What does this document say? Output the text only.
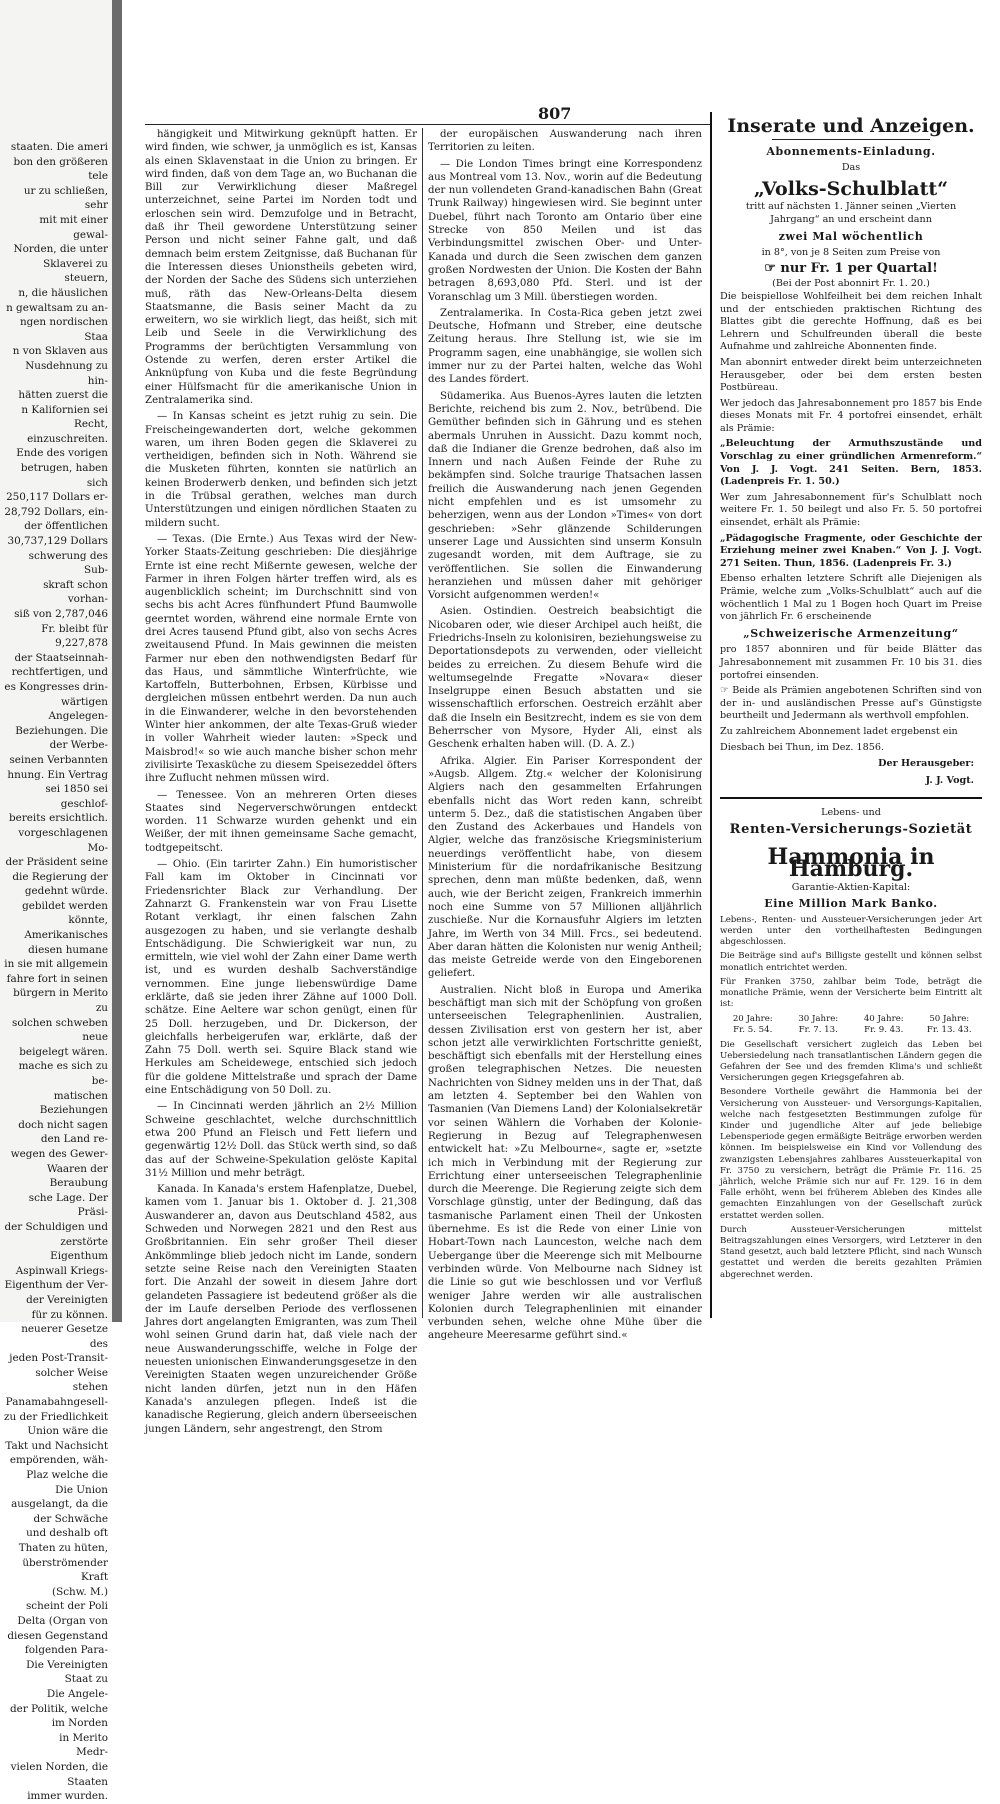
staaten. Die ameri
bon den größeren tele
ur zu schließen, sehr
mit mit einer gewal-
Norden, die unter
Sklaverei zu steuern,
n, die häuslichen
n gewaltsam zu an-
ngen nordischen Staa
n von Sklaven aus
Nusdehnung zu hin-
hätten zuerst die
n Kalifornien sei
Recht, einzuschreiten.
Ende des vorigen
betrugen, haben sich
250,117 Dollars er-
28,792 Dollars, ein-
der öffentlichen
30,737,129 Dollars
schwerung des Sub-
skraft schon vorhan-
siß von 2,787,046
Fr. bleibt für 9,227,878
der Staatseinnah-
rechtfertigen, und
es Kongresses drin-
wärtigen Angelegen-
Beziehungen. Die
der Werbe-
seinen Verbannten
hnung. Ein Vertrag
sei 1850 sei geschlof-
bereits ersichtlich.
vorgeschlagenen Mo-
der Präsident seine
die Regierung der
gedehnt würde.
gebildet werden könnte,
Amerikanisches diesen humane
in sie mit allgemein
fahre fort in seinen
bürgern in Merito zu
solchen schweben neue
beigelegt wären.
mache es sich zu be-
matischen Beziehungen
doch nicht sagen
den Land re-
wegen des Gewer-
Waaren der Beraubung
sche Lage. Der Präsi-
der Schuldigen und
zerstörte Eigenthum
Aspinwall Kriegs-
Eigenthum der Ver-
der Vereinigten
für zu können.
neuerer Gesetze des
jeden Post-Transit-
solcher Weise stehen
Panamabahngesell-
zu der Friedlichkeit
Union wäre die
Takt und Nachsicht
empörenden, wäh-
Plaz welche die
Die Union
ausgelangt, da die
der Schwäche
und deshalb oft
Thaten zu hüten,
überströmender Kraft
(Schw. M.)
scheint der Poli
Delta (Organ von
diesen Gegenstand
folgenden Para-
Die Vereinigten
Staat zu
Die Angele-
der Politik, welche
im Norden
in Merito
Medr-
vielen Norden, die Staaten
immer wurden.
807

hängigkeit und Mitwirkung geknüpft hatten. Er wird finden, wie schwer, ja unmöglich es ist, Kansas als einen Sklavenstaat in die Union zu bringen. Er wird finden, daß von dem Tage an, wo Buchanan die Bill zur Verwirklichung dieser Maßregel unterzeichnet, seine Partei im Norden todt und erloschen sein wird. Demzufolge und in Betracht, daß ihr Theil gewordene Unterstützung seiner Person und nicht seiner Fahne galt, und daß demnach beim erstem Zeitgnisse, daß Buchanan für die Interessen dieses Unionstheils gebeten wird, der Norden der Sache des Südens sich unterziehen muß, räth das New-Orleans-Delta diesem Staatsmanne, die Basis seiner Macht da zu erweitern, wo sie wirklich liegt, das heißt, sich mit Leib und Seele in die Verwirklichung des Programms der berüchtigten Versammlung von Ostende zu werfen, deren erster Artikel die Anknüpfung von Kuba und die feste Begründung einer Hülfsmacht für die amerikanische Union in Zentralamerika sind.

— In Kansas scheint es jetzt ruhig zu sein. Die Freischeingewanderten dort, welche gekommen waren, um ihren Boden gegen die Sklaverei zu vertheidigen, befinden sich in Noth. Während sie die Musketen führten, konnten sie natürlich an keinen Broderwerb denken, und befinden sich jetzt in die Trübsal gerathen, welches man durch Unterstützungen und einigen nördlichen Staaten zu mildern sucht.

— Texas. (Die Ernte.) Aus Texas wird der New-Yorker Staats-Zeitung geschrieben: Die diesjährige Ernte ist eine recht Mißernte gewesen, welche der Farmer in ihren Folgen härter treffen wird, als es augenblicklich scheint; im Durchschnitt sind von sechs bis acht Acres fünfhundert Pfund Baumwolle geerntet worden, während eine normale Ernte von drei Acres tausend Pfund gibt, also von sechs Acres zweitausend Pfund. In Mais gewinnen die meisten Farmer nur eben den nothwendigsten Bedarf für das Haus, und sämmtliche Winterfrüchte, wie Kartoffeln, Butterbohnen, Erbsen, Kürbisse und dergleichen müssen entbehrt werden. Da nun auch in die Einwanderer, welche in den bevorstehenden Winter hier ankommen, der alte Texas-Gruß wieder in voller Wahrheit wieder lauten: »Speck und Maisbrod!« so wie auch manche bisher schon mehr zivilisirte Texasküche zu diesem Speisezeddel öfters ihre Zuflucht nehmen müssen wird.

— Tenessee. Von an mehreren Orten dieses Staates sind Negerverschwörungen entdeckt worden. 11 Schwarze wurden gehenkt und ein Weißer, der mit ihnen gemeinsame Sache gemacht, todtgepeitscht.

— Ohio. (Ein tarirter Zahn.) Ein humoristischer Fall kam im Oktober in Cincinnati vor Friedensrichter Black zur Verhandlung. Der Zahnarzt G. Frankenstein war von Frau Lisette Rotant verklagt, ihr einen falschen Zahn ausgezogen zu haben, und sie verlangte deshalb Entschädigung. Die Schwierigkeit war nun, zu ermitteln, wie viel wohl der Zahn einer Dame werth ist, und es wurden deshalb Sachverständige vernommen. Eine junge liebenswürdige Dame erklärte, daß sie jeden ihrer Zähne auf 1000 Doll. schätze. Eine Aeltere war schon genügt, einen für 25 Doll. herzugeben, und Dr. Dickerson, der gleichfalls herbeigerufen war, erklärte, daß der Zahn 75 Doll. werth sei. Squire Black stand wie Herkules am Scheidewege, entschied sich jedoch für die goldene Mittelstraße und sprach der Dame eine Entschädigung von 50 Doll. zu.

— In Cincinnati werden jährlich an 2½ Million Schweine geschlachtet, welche durchschnittlich etwa 200 Pfund an Fleisch und Fett liefern und gegenwärtig 12½ Doll. das Stück werth sind, so daß das auf der Schweine-Spekulation gelöste Kapital 31½ Million und mehr beträgt.

Kanada. In Kanada's erstem Hafenplatze, Duebel, kamen vom 1. Januar bis 1. Oktober d. J. 21,308 Auswanderer an, davon aus Deutschland 4582, aus Schweden und Norwegen 2821 und den Rest aus Großbritannien. Ein sehr großer Theil dieser Ankömmlinge blieb jedoch nicht im Lande, sondern setzte seine Reise nach den Vereinigten Staaten fort. Die Anzahl der soweit in diesem Jahre dort gelandeten Passagiere ist bedeutend größer als die der im Laufe derselben Periode des verflossenen Jahres dort angelangten Emigranten, was zum Theil wohl seinen Grund darin hat, daß viele nach der neue Auswanderungsschiffe, welche in Folge der neuesten unionischen Einwanderungsgesetze in den Vereinigten Staaten wegen unzureichender Größe nicht landen dürfen, jetzt nun in den Häfen Kanada's anzulegen pflegen. Indeß ist die kanadische Regierung, gleich andern überseeischen jungen Ländern, sehr angestrengt, den Strom

der europäischen Auswanderung nach ihren Territorien zu leiten.

— Die London Times bringt eine Korrespondenz aus Montreal vom 13. Nov., worin auf die Bedeutung der nun vollendeten Grand-kanadischen Bahn (Great Trunk Railway) hingewiesen wird. Sie beginnt unter Duebel, führt nach Toronto am Ontario über eine Strecke von 850 Meilen und ist das Verbindungsmittel zwischen Ober- und Unter-Kanada und durch die Seen zwischen dem ganzen großen Nordwesten der Union. Die Kosten der Bahn betragen 8,693,080 Pfd. Sterl. und ist der Voranschlag um 3 Mill. überstiegen worden.

Zentralamerika. In Costa-Rica geben jetzt zwei Deutsche, Hofmann und Streber, eine deutsche Zeitung heraus. Ihre Stellung ist, wie sie im Programm sagen, eine unabhängige, sie wollen sich immer nur zu der Partei halten, welche das Wohl des Landes fördert.

Südamerika. Aus Buenos-Ayres lauten die letzten Berichte, reichend bis zum 2. Nov., betrübend. Die Gemüther befinden sich in Gährung und es stehen abermals Unruhen in Aussicht. Dazu kommt noch, daß die Indianer die Grenze bedrohen, daß also im Innern und nach Außen Feinde der Ruhe zu bekämpfen sind. Solche traurige Thatsachen lassen freilich die Auswanderung nach jenen Gegenden nicht empfehlen und es ist umsomehr zu beherzigen, wenn aus der London »Times« von dort geschrieben: »Sehr glänzende Schilderungen unserer Lage und Aussichten sind unserm Konsuln zugesandt worden, mit dem Auftrage, sie zu veröffentlichen. Sie sollen die Einwanderung heranziehen und müssen daher mit gehöriger Vorsicht aufgenommen werden!«

Asien. Ostindien. Oestreich beabsichtigt die Nicobaren oder, wie dieser Archipel auch heißt, die Friedrichs-Inseln zu kolonisiren, beziehungsweise zu Deportationsdepots zu verwenden, oder vielleicht beides zu erreichen. Zu diesem Behufe wird die weltumsegelnde Fregatte »Novara« dieser Inselgruppe einen Besuch abstatten und sie wissenschaftlich erforschen. Oestreich erzählt aber daß die Inseln ein Besitzrecht, indem es sie von dem Beherrscher von Mysore, Hyder Ali, einst als Geschenk erhalten haben will. (D. A. Z.)

Afrika. Algier. Ein Pariser Korrespondent der »Augsb. Allgem. Ztg.« welcher der Kolonisirung Algiers nach den gesammelten Erfahrungen ebenfalls nicht das Wort reden kann, schreibt unterm 5. Dez., daß die statistischen Angaben über den Zustand des Ackerbaues und Handels von Algier, welche das französische Kriegsministerium neuerdings veröffentlicht habe, von diesem Ministerium für die nordafrikanische Besitzung sprechen, denn man müßte bedenken, daß, wenn auch, wie der Bericht zeigen, Frankreich immerhin noch eine Summe von 57 Millionen alljährlich zuschieße. Nur die Kornausfuhr Algiers im letzten Jahre, im Werth von 34 Mill. Frcs., sei bedeutend. Aber daran hätten die Kolonisten nur wenig Antheil; das meiste Getreide werde von den Eingeborenen geliefert.

Australien. Nicht bloß in Europa und Amerika beschäftigt man sich mit der Schöpfung von großen unterseeischen Telegraphenlinien. Australien, dessen Zivilisation erst von gestern her ist, aber schon jetzt alle verwirklichten Fortschritte genießt, beschäftigt sich ebenfalls mit der Herstellung eines großen telegraphischen Netzes. Die neuesten Nachrichten von Sidney melden uns in der That, daß am letzten 4. September bei den Wahlen von Tasmanien (Van Diemens Land) der Kolonialsekretär vor seinen Wählern die Vorhaben der Kolonie-Regierung in Bezug auf Telegraphenwesen entwickelt hat: »Zu Melbourne«, sagte er, »setzte ich mich in Verbindung mit der Regierung zur Errichtung einer unterseeischen Telegraphenlinie durch die Meerenge. Die Regierung zeigte sich dem Vorschlage günstig, unter der Bedingung, daß das tasmanische Parlament einen Theil der Unkosten übernehme. Es ist die Rede von einer Linie von Hobart-Town nach Launceston, welche nach dem Uebergange über die Meerenge sich mit Melbourne verbinden würde. Von Melbourne nach Sidney ist die Linie so gut wie beschlossen und vor Verfluß weniger Jahre werden wir alle australischen Kolonien durch Telegraphenlinien mit einander verbunden sehen, welche ohne Mühe über die angeheure Meeresarme geführt sind.«

Inserate und Anzeigen.
Abonnements-Einladung.
Das
„Volks-Schulblatt“
tritt auf nächsten 1. Jänner seinen „Vierten Jahrgang“ an und erscheint dann
zwei Mal wöchentlich
in 8°, von je 8 Seiten zum Preise von
☞ nur Fr. 1 per Quartal!
(Bei der Post abonnirt Fr. 1. 20.)

Die beispiellose Wohlfeilheit bei dem reichen Inhalt und der entschieden praktischen Richtung des Blattes gibt die gerechte Hoffnung, daß es bei Lehrern und Schulfreunden überall die beste Aufnahme und zahlreiche Abonnenten finde.

Man abonnirt entweder direkt beim unterzeichneten Herausgeber, oder bei dem ersten besten Postbüreau.

Wer jedoch das Jahresabonnement pro 1857 bis Ende dieses Monats mit Fr. 4 portofrei einsendet, erhält als Prämie:

„Beleuchtung der Armuthszustände und Vorschlag zu einer gründlichen Armenreform.“ Von J. J. Vogt. 241 Seiten. Bern, 1853. (Ladenpreis Fr. 1. 50.)

Wer zum Jahresabonnement für's Schulblatt noch weitere Fr. 1. 50 beilegt und also Fr. 5. 50 portofrei einsendet, erhält als Prämie:

„Pädagogische Fragmente, oder Geschichte der Erziehung meiner zwei Knaben.“ Von J. J. Vogt. 271 Seiten. Thun, 1856. (Ladenpreis Fr. 3.)

Ebenso erhalten letztere Schrift alle Diejenigen als Prämie, welche zum „Volks-Schulblatt“ auch auf die wöchentlich 1 Mal zu 1 Bogen hoch Quart im Preise von jährlich Fr. 6 erscheinende

„Schweizerische Armenzeitung“

pro 1857 abonniren und für beide Blätter das Jahresabonnement mit zusammen Fr. 10 bis 31. dies portofrei einsenden.

☞ Beide als Prämien angebotenen Schriften sind von der in- und ausländischen Presse auf's Günstigste beurtheilt und Jedermann als werthvoll empfohlen.

Zu zahlreichem Abonnement ladet ergebenst ein

Diesbach bei Thun, im Dez. 1856.

Der Herausgeber:
J. J. Vogt.
Lebens- und
Renten-Versicherungs-Sozietät
Hammonia in Hamburg.
Garantie-Aktien-Kapital:
Eine Million Mark Banko.

Lebens-, Renten- und Aussteuer-Versicherungen jeder Art werden unter den vortheilhaftesten Bedingungen abgeschlossen.

Die Beiträge sind auf's Billigste gestellt und können selbst monatlich entrichtet werden.

Für Franken 3750, zahlbar beim Tode, beträgt die monatliche Prämie, wenn der Versicherte beim Eintritt alt ist:

20 Jahre:	30 Jahre:	40 Jahre:	50 Jahre:
Fr. 5. 54.	Fr. 7. 13.	Fr. 9. 43.	Fr. 13. 43.

Die Gesellschaft versichert zugleich das Leben bei Uebersiedelung nach transatlantischen Ländern gegen die Gefahren der See und des fremden Klima's und schließt Versicherungen gegen Kriegsgefahren ab.

Besondere Vortheile gewährt die Hammonia bei der Versicherung von Aussteuer- und Versorgungs-Kapitalien, welche nach festgesetzten Bestimmungen zufolge für Kinder und jugendliche Alter auf jede beliebige Lebensperiode gegen ermäßigte Beiträge erworben werden können. Im beispielsweise ein Kind vor Vollendung des zwanzigsten Lebensjahres zahlbares Aussteuerkapital von Fr. 3750 zu versichern, beträgt die Prämie Fr. 116. 25 jährlich, welche Prämie sich nur auf Fr. 129. 16 in dem Falle erhöht, wenn bei früherem Ableben des Kindes alle gemachten Einzahlungen von der Gesellschaft zurück erstattet werden sollen.

Durch Aussteuer-Versicherungen mittelst Beitragszahlungen eines Versorgers, wird Letzterer in den Stand gesetzt, auch bald letztere Pflicht, sind nach Wunsch gestattet und werden die bereits gezahlten Prämien abgerechnet werden.
